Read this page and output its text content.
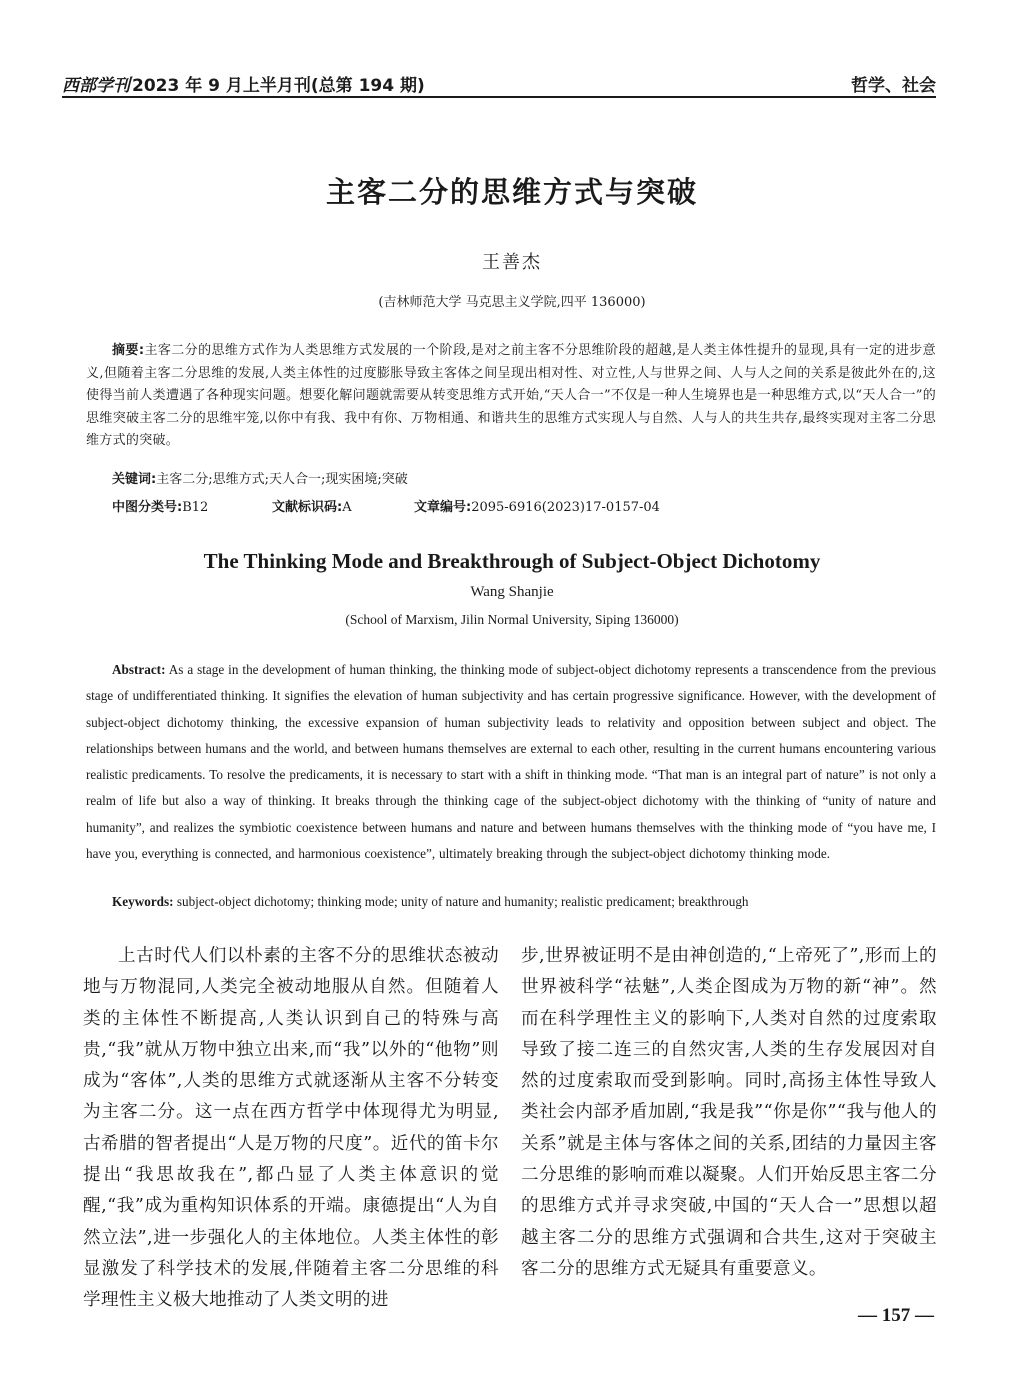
西部学刊 2023 年 9 月上半月刊(总第 194 期)	哲学、社会
主客二分的思维方式与突破
王善杰
(吉林师范大学 马克思主义学院,四平 136000)
摘要:主客二分的思维方式作为人类思维方式发展的一个阶段,是对之前主客不分思维阶段的超越,是人类主体性提升的显现,具有一定的进步意义,但随着主客二分思维的发展,人类主体性的过度膨胀导致主客体之间呈现出相对性、对立性,人与世界之间、人与人之间的关系是彼此外在的,这使得当前人类遭遇了各种现实问题。想要化解问题就需要从转变思维方式开始,“天人合一”不仅是一种人生境界也是一种思维方式,以“天人合一”的思维突破主客二分的思维牢笼,以你中有我、我中有你、万物相通、和谐共生的思维方式实现人与自然、人与人的共生共存,最终实现对主客二分思维方式的突破。
关键词:主客二分;思维方式;天人合一;现实困境;突破
中图分类号:B12	文献标识码:A	文章编号:2095-6916(2023)17-0157-04
The Thinking Mode and Breakthrough of Subject-Object Dichotomy
Wang Shanjie
(School of Marxism, Jilin Normal University, Siping 136000)
Abstract: As a stage in the development of human thinking, the thinking mode of subject-object dichotomy represents a transcendence from the previous stage of undifferentiated thinking. It signifies the elevation of human subjectivity and has certain progressive significance. However, with the development of subject-object dichotomy thinking, the excessive expansion of human subjectivity leads to relativity and opposition between subject and object. The relationships between humans and the world, and between humans themselves are external to each other, resulting in the current humans encountering various realistic predicaments. To resolve the predicaments, it is necessary to start with a shift in thinking mode. “That man is an integral part of nature” is not only a realm of life but also a way of thinking. It breaks through the thinking cage of the subject-object dichotomy with the thinking of “unity of nature and humanity”, and realizes the symbiotic coexistence between humans and nature and between humans themselves with the thinking mode of “you have me, I have you, everything is connected, and harmonious coexistence”, ultimately breaking through the subject-object dichotomy thinking mode.
Keywords: subject-object dichotomy; thinking mode; unity of nature and humanity; realistic predicament; breakthrough
上古时代人们以朴素的主客不分的思维状态被动地与万物混同,人类完全被动地服从自然。但随着人类的主体性不断提高,人类认识到自己的特殊与高贵,“我”就从万物中独立出来,而“我”以外的“他物”则成为“客体”,人类的思维方式就逐渐从主客不分转变为主客二分。这一点在西方哲学中体现得尤为明显,古希腊的智者提出“人是万物的尺度”。近代的笛卡尔提出“我思故我在”,都凸显了人类主体意识的觉醒,“我”成为重构知识体系的开端。康德提出“人为自然立法”,进一步强化人的主体地位。人类主体性的彰显激发了科学技术的发展,伴随着主客二分思维的科学理性主义极大地推动了人类文明的进
步,世界被证明不是由神创造的,“上帝死了”,形而上的世界被科学“祛魅”,人类企图成为万物的新“神”。然而在科学理性主义的影响下,人类对自然的过度索取导致了接二连三的自然灾害,人类的生存发展因对自然的过度索取而受到影响。同时,高扬主体性导致人类社会内部矛盾加剧,“我是我”“你是你”“我与他人的关系”就是主体与客体之间的关系,团结的力量因主客二分思维的影响而难以凝聚。人们开始反思主客二分的思维方式并寻求突破,中国的“天人合一”思想以超越主客二分的思维方式强调和合共生,这对于突破主客二分的思维方式无疑具有重要意义。
— 157 —
